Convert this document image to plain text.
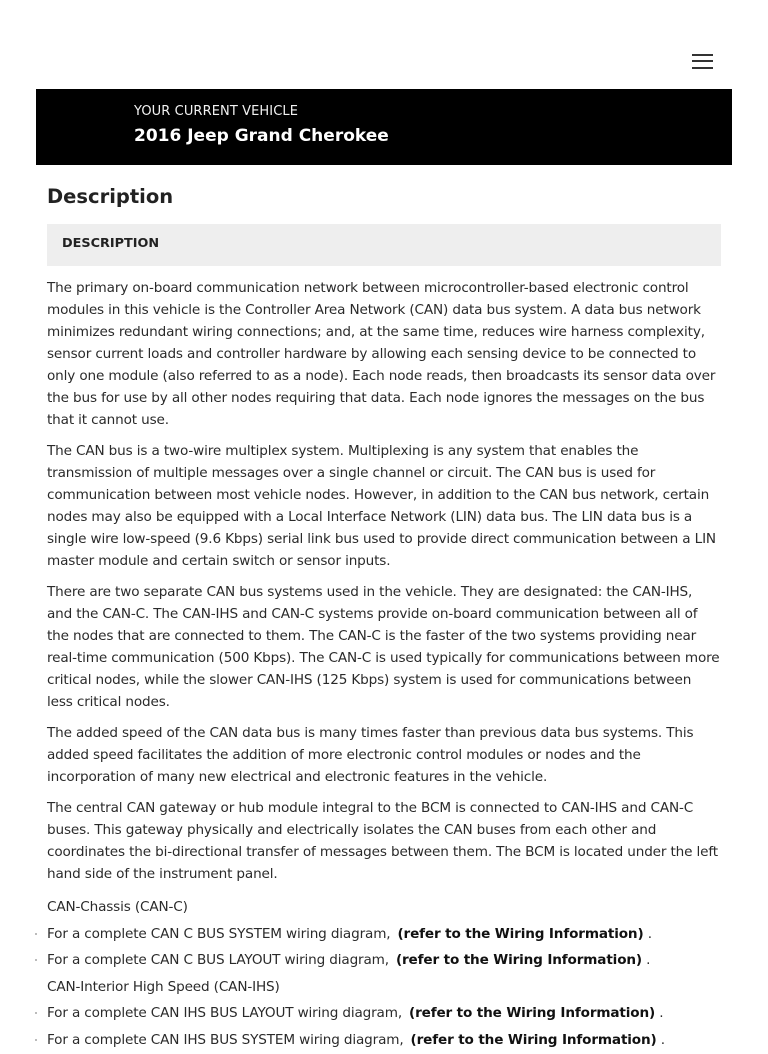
YOUR CURRENT VEHICLE
2016 Jeep Grand Cherokee
Description
DESCRIPTION

The primary on-board communication network between microcontroller-based electronic control modules in this vehicle is the Controller Area Network (CAN) data bus system. A data bus network minimizes redundant wiring connections; and, at the same time, reduces wire harness complexity, sensor current loads and controller hardware by allowing each sensing device to be connected to only one module (also referred to as a node). Each node reads, then broadcasts its sensor data over the bus for use by all other nodes requiring that data. Each node ignores the messages on the bus that it cannot use.

The CAN bus is a two-wire multiplex system. Multiplexing is any system that enables the transmission of multiple messages over a single channel or circuit. The CAN bus is used for communication between most vehicle nodes. However, in addition to the CAN bus network, certain nodes may also be equipped with a Local Interface Network (LIN) data bus. The LIN data bus is a single wire low-speed (9.6 Kbps) serial link bus used to provide direct communication between a LIN master module and certain switch or sensor inputs.

There are two separate CAN bus systems used in the vehicle. They are designated: the CAN-IHS, and the CAN-C. The CAN-IHS and CAN-C systems provide on-board communication between all of the nodes that are connected to them. The CAN-C is the faster of the two systems providing near real-time communication (500 Kbps). The CAN-C is used typically for communications between more critical nodes, while the slower CAN-IHS (125 Kbps) system is used for communications between less critical nodes.

The added speed of the CAN data bus is many times faster than previous data bus systems. This added speed facilitates the addition of more electronic control modules or nodes and the incorporation of many new electrical and electronic features in the vehicle.

The central CAN gateway or hub module integral to the BCM is connected to CAN-IHS and CAN-C buses. This gateway physically and electrically isolates the CAN buses from each other and coordinates the bi-directional transfer of messages between them. The BCM is located under the left hand side of the instrument panel.

CAN-Chassis (CAN-C)
For a complete CAN C BUS SYSTEM wiring diagram, (refer to the Wiring Information) .
For a complete CAN C BUS LAYOUT wiring diagram, (refer to the Wiring Information) .
CAN-Interior High Speed (CAN-IHS)
For a complete CAN IHS BUS LAYOUT wiring diagram, (refer to the Wiring Information) .
For a complete CAN IHS BUS SYSTEM wiring diagram, (refer to the Wiring Information) .
